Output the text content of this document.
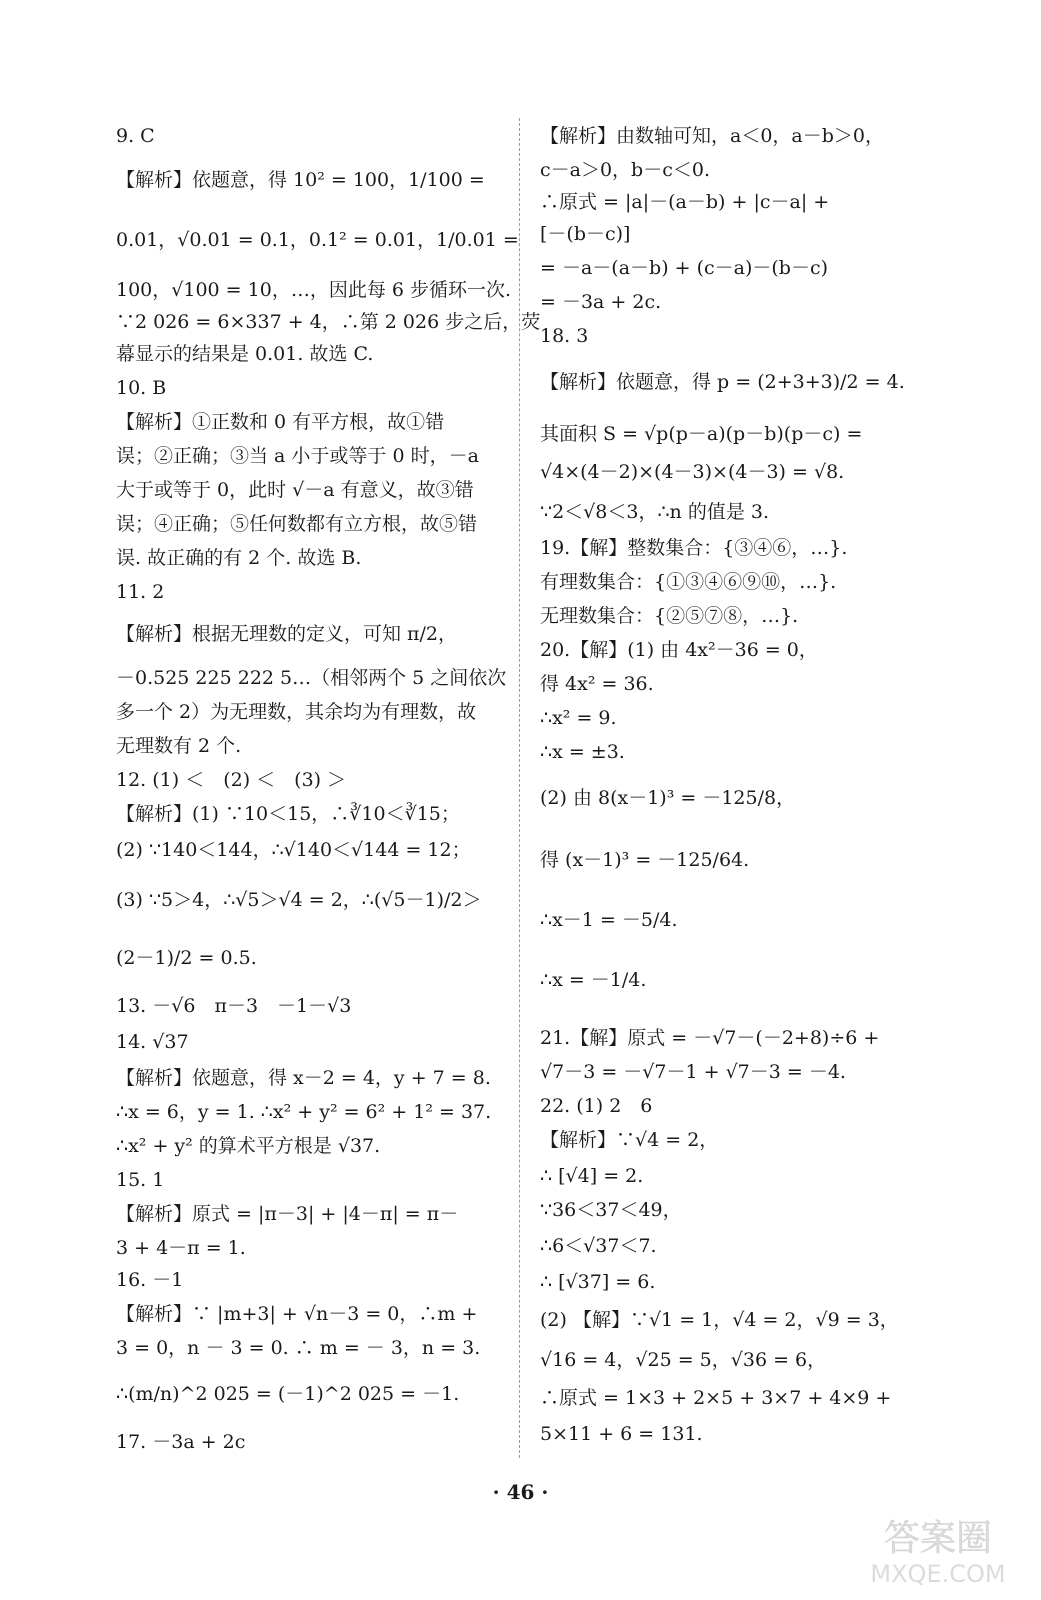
9. C
【解析】依题意，得 10² = 100，1/100 =
0.01，√0.01 = 0.1，0.1² = 0.01，1/0.01 =
100，√100 = 10，…，因此每 6 步循环一次.
∵2 026 = 6×337 + 4，∴第 2 026 步之后，荧
幕显示的结果是 0.01. 故选 C.
10. B
【解析】①正数和 0 有平方根，故①错
误；②正确；③当 a 小于或等于 0 时，－a
大于或等于 0，此时 √－a 有意义，故③错
误；④正确；⑤任何数都有立方根，故⑤错
误. 故正确的有 2 个. 故选 B.
11. 2
【解析】根据无理数的定义，可知 π/2，
－0.525 225 222 5…（相邻两个 5 之间依次
多一个 2）为无理数，其余均为有理数，故
无理数有 2 个.
12. (1) ＜　(2) ＜　(3) ＞
【解析】(1) ∵10＜15，∴∛10＜∛15；
(2) ∵140＜144，∴√140＜√144 = 12；
(3) ∵5＞4，∴√5＞√4 = 2，∴(√5－1)/2＞
(2－1)/2 = 0.5.
13. －√6　π－3　－1－√3
14. √37
【解析】依题意，得 x－2 = 4，y + 7 = 8.
∴x = 6，y = 1. ∴x² + y² = 6² + 1² = 37.
∴x² + y² 的算术平方根是 √37.
15. 1
【解析】原式 = |π－3| + |4－π| = π－
3 + 4－π = 1.
16. －1
【解析】∵ |m+3| + √n－3 = 0，∴m +
3 = 0，n － 3 = 0. ∴ m = － 3，n = 3.
∴(m/n)^2 025 = (－1)^2 025 = －1.
17. －3a + 2c
【解析】由数轴可知，a＜0，a－b＞0，
c－a＞0，b－c＜0.
∴原式 = |a|－(a－b) + |c－a| +
[－(b－c)]
= －a－(a－b) + (c－a)－(b－c)
= －3a + 2c.
18. 3
【解析】依题意，得 p = (2+3+3)/2 = 4.
其面积 S = √p(p－a)(p－b)(p－c) =
√4×(4－2)×(4－3)×(4－3) = √8.
∵2＜√8＜3，∴n 的值是 3.
19.【解】整数集合：{③④⑥，…}.
有理数集合：{①③④⑥⑨⑩，…}.
无理数集合：{②⑤⑦⑧，…}.
20.【解】(1) 由 4x²－36 = 0，
得 4x² = 36.
∴x² = 9.
∴x = ±3.
(2) 由 8(x－1)³ = －125/8，
得 (x－1)³ = －125/64.
∴x－1 = －5/4.
∴x = －1/4.
21.【解】原式 = －√7－(－2+8)÷6 +
√7－3 = －√7－1 + √7－3 = －4.
22. (1) 2　6
【解析】∵√4 = 2，
∴ [√4] = 2.
∵36＜37＜49，
∴6＜√37＜7.
∴ [√37] = 6.
(2) 【解】∵√1 = 1，√4 = 2，√9 = 3，
√16 = 4，√25 = 5，√36 = 6，
∴原式 = 1×3 + 2×5 + 3×7 + 4×9 +
5×11 + 6 = 131.
· 46 ·
答案圈
MXQE.COM
